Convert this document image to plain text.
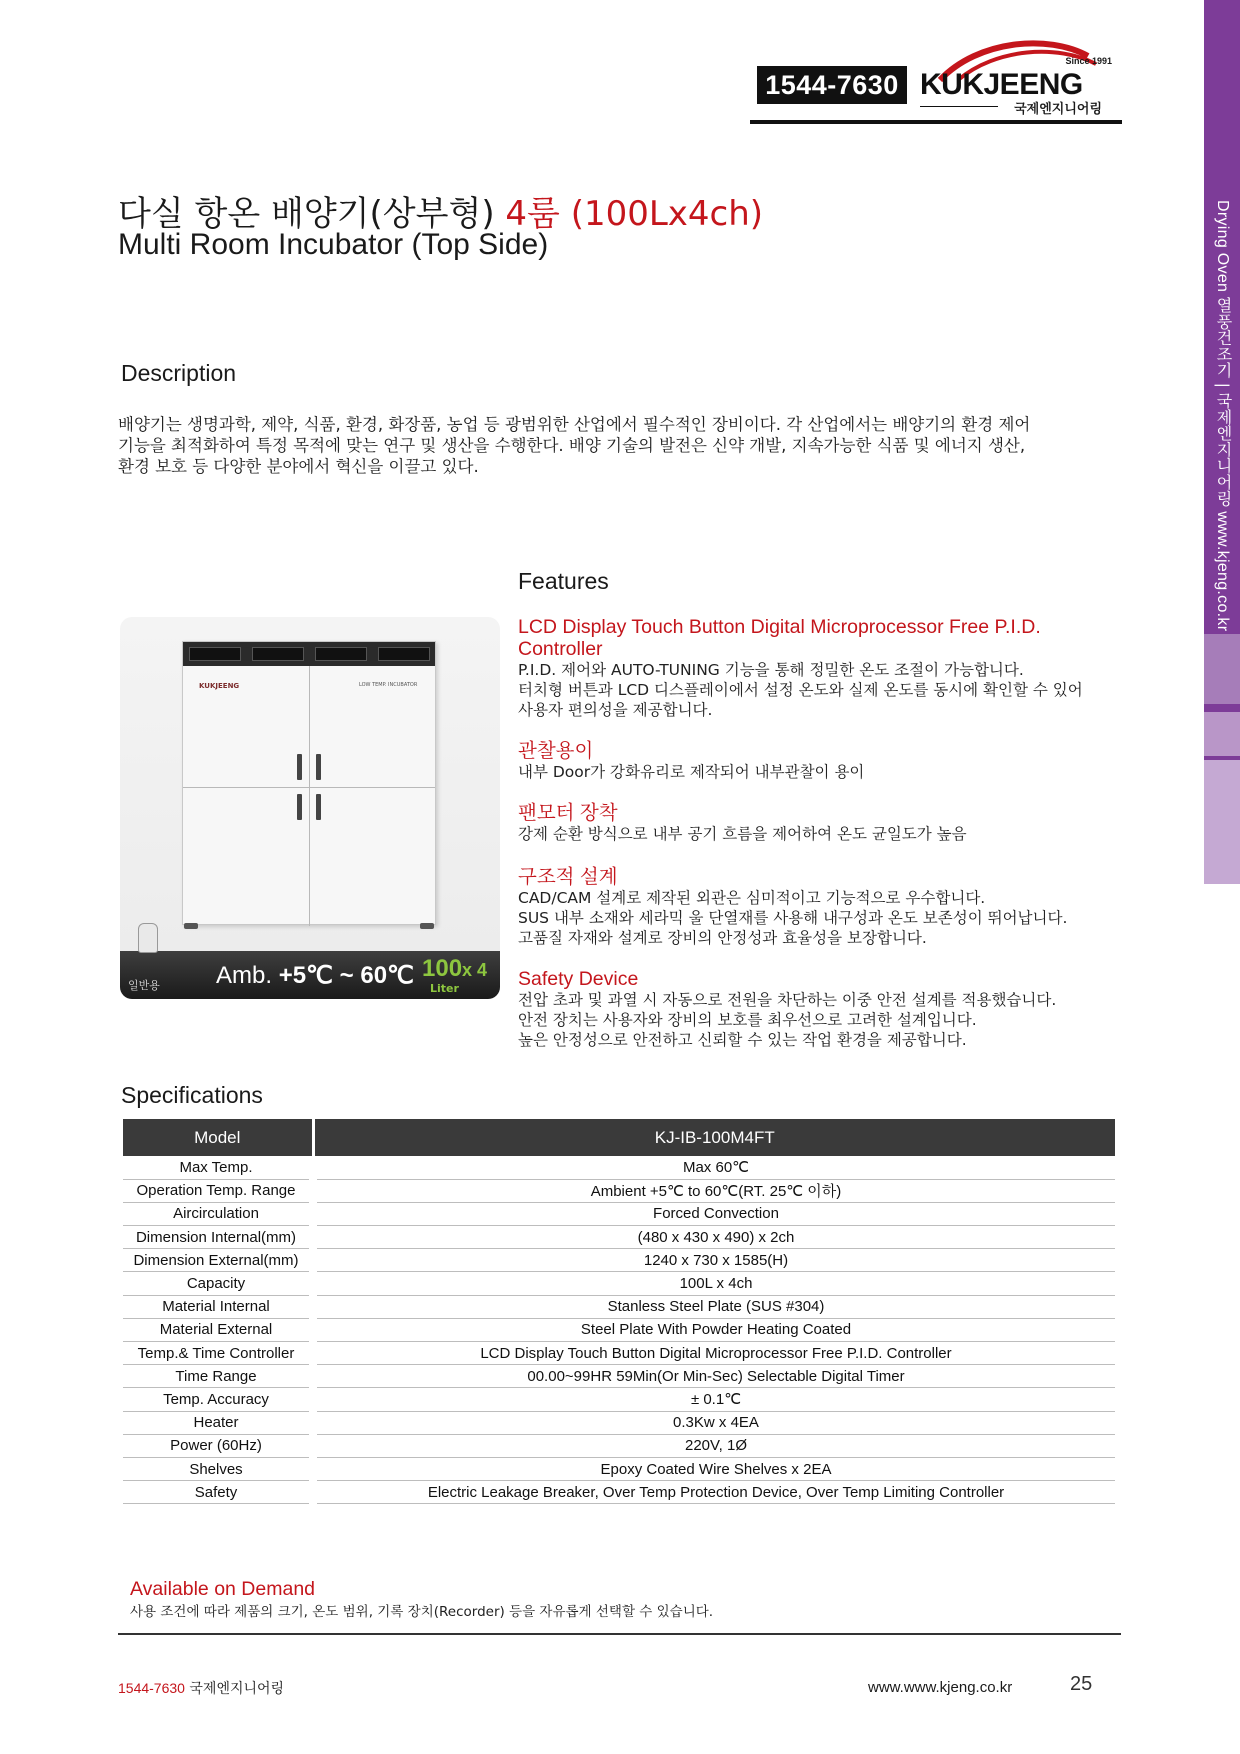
Drying Oven 열풍건조기 | 국제엔지니어링 www.kjeng.co.kr
1544-7630
Since 1991
KUKJEENG
국제엔지니어링
다실 항온 배양기(상부형) 4룸 (100Lx4ch)
Multi Room Incubator (Top Side)
Description
배양기는 생명과학, 제약, 식품, 환경, 화장품, 농업 등 광범위한 산업에서 필수적인 장비이다. 각 산업에서는 배양기의 환경 제어
기능을 최적화하여 특정 목적에 맞는 연구 및 생산을 수행한다. 배양 기술의 발전은 신약 개발, 지속가능한 식품 및 에너지 생산,
환경 보호 등 다양한 분야에서 혁신을 이끌고 있다.
KUKJEENG	LOW TEMP. INCUBATOR
일반용 Amb. +5℃ ~ 60℃ 100x 4
Liter
Features
LCD Display Touch Button Digital Microprocessor Free P.I.D. Controller
P.I.D. 제어와 AUTO-TUNING 기능을 통해 정밀한 온도 조절이 가능합니다.
터치형 버튼과 LCD 디스플레이에서 설정 온도와 실제 온도를 동시에 확인할 수 있어
사용자 편의성을 제공합니다.
관찰용이
내부 Door가 강화유리로 제작되어 내부관찰이 용이
팬모터 장착
강제 순환 방식으로 내부 공기 흐름을 제어하여 온도 균일도가 높음
구조적 설계
CAD/CAM 설계로 제작된 외관은 심미적이고 기능적으로 우수합니다.
SUS 내부 소재와 세라믹 울 단열재를 사용해 내구성과 온도 보존성이 뛰어납니다.
고품질 자재와 설계로 장비의 안정성과 효율성을 보장합니다.
Safety Device
전압 초과 및 과열 시 자동으로 전원을 차단하는 이중 안전 설계를 적용했습니다.
안전 장치는 사용자와 장비의 보호를 최우선으로 고려한 설계입니다.
높은 안정성으로 안전하고 신뢰할 수 있는 작업 환경을 제공합니다.
Specifications
Model	KJ-IB-100M4FT
Max Temp.	Max 60℃
Operation Temp. Range	Ambient +5℃ to 60℃(RT. 25℃ 이하)
Aircirculation	Forced Convection
Dimension Internal(mm)	(480 x 430 x 490) x 2ch
Dimension External(mm)	1240 x 730 x 1585(H)
Capacity	100L x 4ch
Material Internal	Stanless Steel Plate (SUS #304)
Material External	Steel Plate With Powder Heating Coated
Temp.& Time Controller	LCD Display Touch Button Digital Microprocessor Free P.I.D. Controller
Time Range	00.00~99HR 59Min(Or Min-Sec) Selectable Digital Timer
Temp. Accuracy	± 0.1℃
Heater	0.3Kw x 4EA
Power (60Hz)	220V, 1Ø
Shelves	Epoxy Coated Wire Shelves x 2EA
Safety	Electric Leakage Breaker, Over Temp Protection Device, Over Temp Limiting Controller
Available on Demand
사용 조건에 따라 제품의 크기, 온도 범위, 기록 장치(Recorder) 등을 자유롭게 선택할 수 있습니다.
1544-7630 국제엔지니어링	www.www.kjeng.co.kr	25
